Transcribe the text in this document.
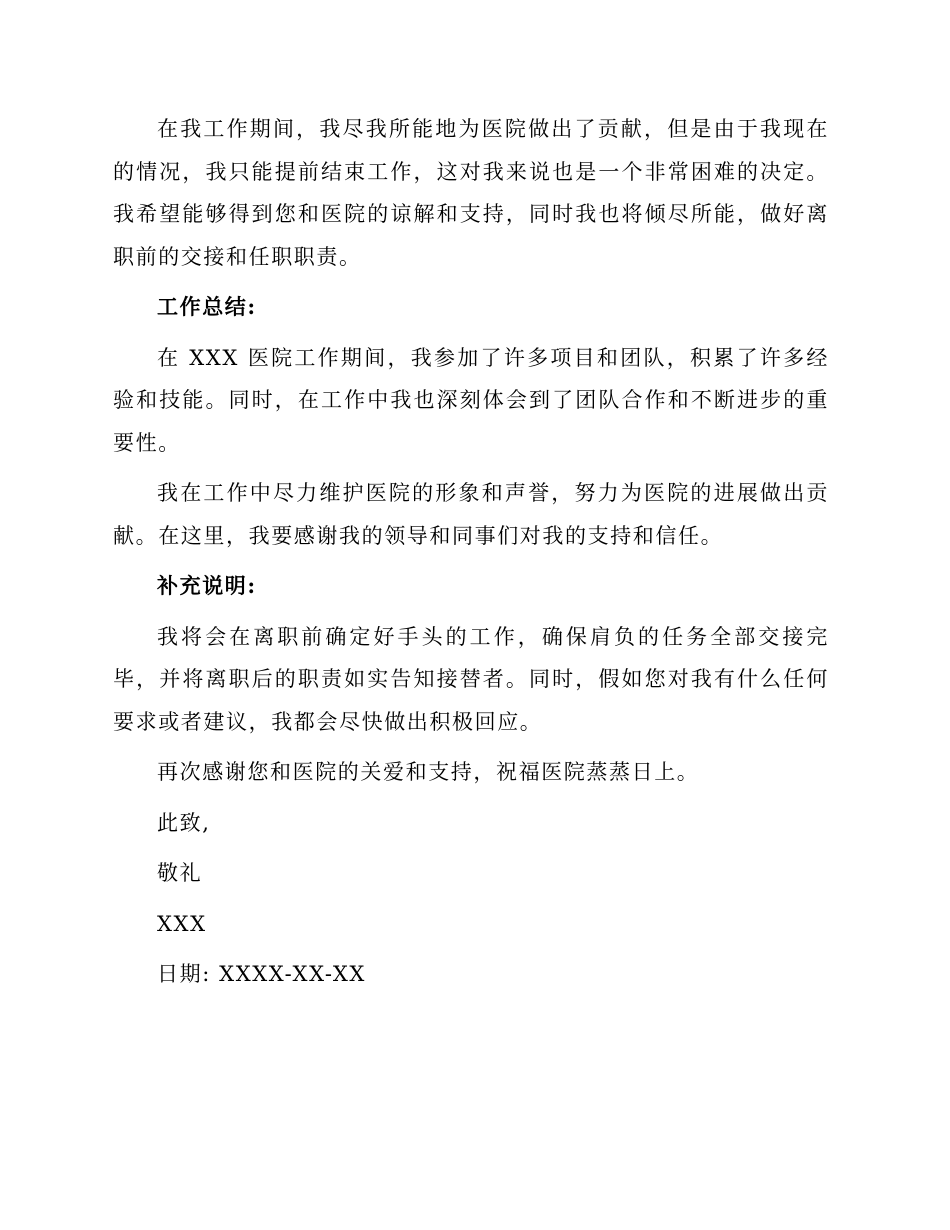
在我工作期间，我尽我所能地为医院做出了贡献，但是由于我现在的情况，我只能提前结束工作，这对我来说也是一个非常困难的决定。我希望能够得到您和医院的谅解和支持，同时我也将倾尽所能，做好离职前的交接和任职职责。

工作总结:

在 XXX 医院工作期间，我参加了许多项目和团队，积累了许多经验和技能。同时，在工作中我也深刻体会到了团队合作和不断进步的重要性。

我在工作中尽力维护医院的形象和声誉，努力为医院的进展做出贡献。在这里，我要感谢我的领导和同事们对我的支持和信任。

补充说明:

我将会在离职前确定好手头的工作，确保肩负的任务全部交接完毕，并将离职后的职责如实告知接替者。同时，假如您对我有什么任何要求或者建议，我都会尽快做出积极回应。

再次感谢您和医院的关爱和支持，祝福医院蒸蒸日上。

此致,

敬礼

XXX

日期: XXXX-XX-XX
